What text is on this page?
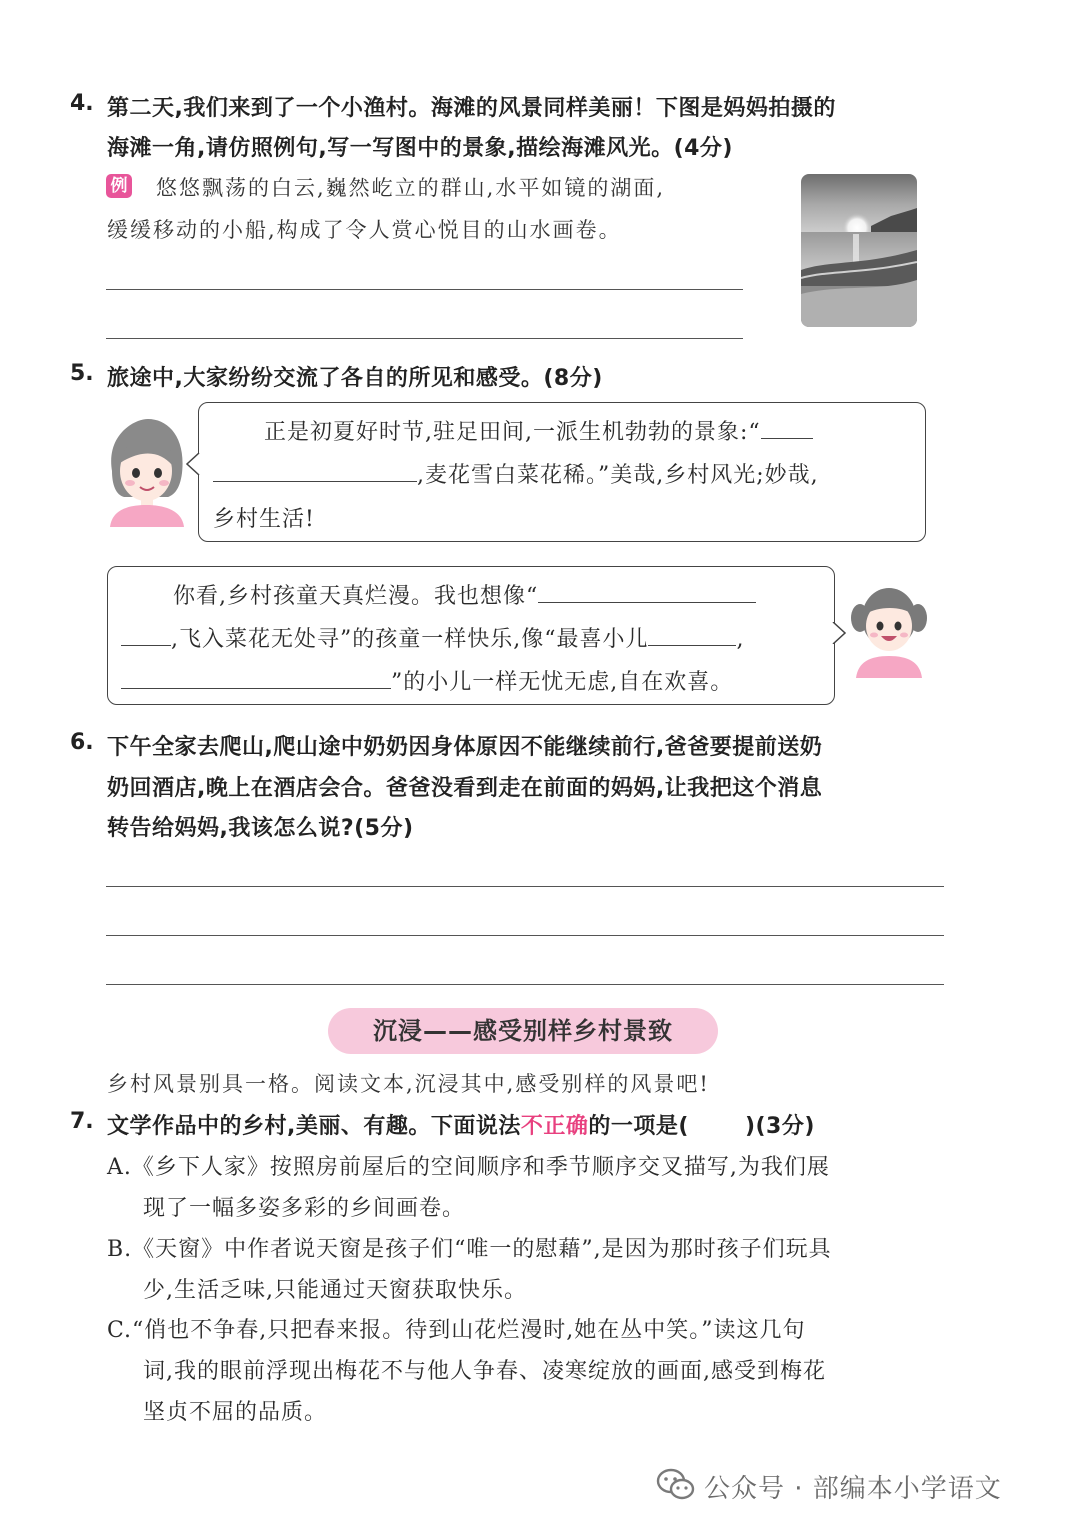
4. 第二天,我们来到了一个小渔村。海滩的风景同样美丽！下图是妈妈拍摄的
海滩一角,请仿照例句,写一写图中的景象,描绘海滩风光。(4分)
例 悠悠飘荡的白云,巍然屹立的群山,水平如镜的湖面,
缓缓移动的小船,构成了令人赏心悦目的山水画卷。
5. 旅途中,大家纷纷交流了各自的所见和感受。(8分)
正是初夏好时节,驻足田间,一派生机勃勃的景象:“
,麦花雪白菜花稀。”美哉,乡村风光;妙哉,
乡村生活!
你看,乡村孩童天真烂漫。我也想像“
,飞入菜花无处寻”的孩童一样快乐,像“最喜小儿	,
”的小儿一样无忧无虑,自在欢喜。
6. 下午全家去爬山,爬山途中奶奶因身体原因不能继续前行,爸爸要提前送奶
奶回酒店,晚上在酒店会合。爸爸没看到走在前面的妈妈,让我把这个消息
转告给妈妈,我该怎么说?(5分)
沉浸——感受别样乡村景致
乡村风景别具一格。阅读文本,沉浸其中,感受别样的风景吧!
7. 文学作品中的乡村,美丽、有趣。下面说法不正确的一项是(	)(3分)
A.《乡下人家》按照房前屋后的空间顺序和季节顺序交叉描写,为我们展
现了一幅多姿多彩的乡间画卷。
B.《天窗》中作者说天窗是孩子们“唯一的慰藉”,是因为那时孩子们玩具
少,生活乏味,只能通过天窗获取快乐。
C.“俏也不争春,只把春来报。待到山花烂漫时,她在丛中笑。”读这几句
词,我的眼前浮现出梅花不与他人争春、凌寒绽放的画面,感受到梅花
坚贞不屈的品质。
公众号 · 部编本小学语文
